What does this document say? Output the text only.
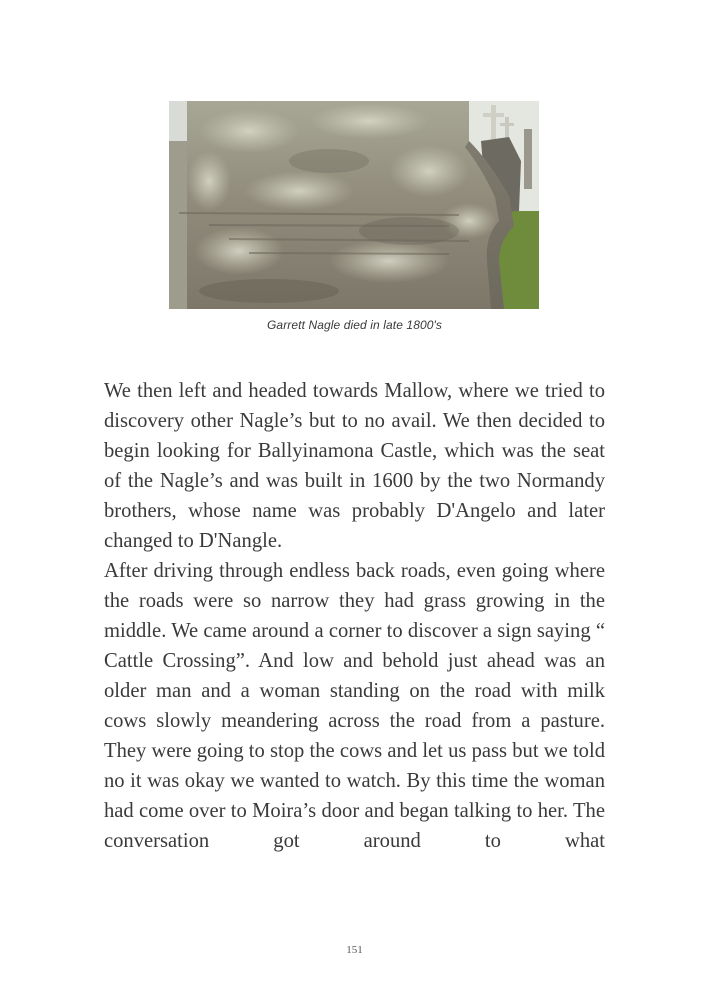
Garrett Nagle died in late 1800's

We then left and headed towards Mallow, where we tried to discovery other Nagle’s but to no avail. We then decided to begin looking for Ballyinamona Castle, which was the seat of the Nagle’s and was built in 1600 by the two Normandy brothers, whose name was probably D'Angelo and later changed to D'Nangle.

After driving through endless back roads, even going where the roads were so narrow they had grass growing in the middle. We came around a corner to discover a sign saying “ Cattle Crossing”. And low and behold just ahead was an older man and a woman standing on the road with milk cows slowly meandering across the road from a pasture. They were going to stop the cows and let us pass but we told no it was okay we wanted to watch. By this time the woman had come over to Moira’s door and began talking to her. The conversation got around to what

151
